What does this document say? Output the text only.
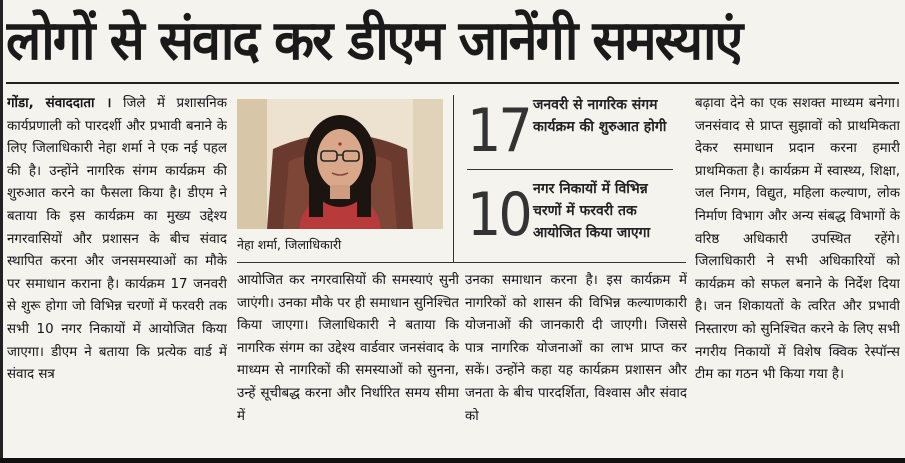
लोगों से संवाद कर डीएम जानेंगी समस्याएं
गोंडा, संवाददाता । जिले में प्रशासनिक कार्यप्रणाली को पारदर्शी और प्रभावी बनाने के लिए जिलाधिकारी नेहा शर्मा ने एक नई पहल की है। उन्होंने नागरिक संगम कार्यक्रम की शुरुआत करने का फैसला किया है। डीएम ने बताया कि इस कार्यक्रम का मुख्य उद्देश्य नगरवासियों और प्रशासन के बीच संवाद स्थापित करना और जनसमस्याओं का मौके पर समाधान कराना है। कार्यक्रम 17 जनवरी से शुरू होगा जो विभिन्न चरणों में फरवरी तक सभी 10 नगर निकायों में आयोजित किया जाएगा। डीएम ने बताया कि प्रत्येक वार्ड में संवाद सत्र
नेहा शर्मा, जिलाधिकारी
17 जनवरी से नागरिक संगम कार्यक्रम की शुरुआत होगी
10 नगर निकायों में विभिन्न चरणों में फरवरी तक आयोजित किया जाएगा
आयोजित कर नगरवासियों की समस्याएं सुनी जाएंगी। उनका मौके पर ही समाधान सुनिश्चित किया जाएगा। जिलाधिकारी ने बताया कि नागरिक संगम का उद्देश्य वार्डवार जनसंवाद के माध्यम से नागरिकों की समस्याओं को सुनना, उन्हें सूचीबद्ध करना और निर्धारित समय सीमा में
उनका समाधान करना है। इस कार्यक्रम में नागरिकों को शासन की विभिन्न कल्याणकारी योजनाओं की जानकारी दी जाएगी। जिससे पात्र नागरिक योजनाओं का लाभ प्राप्त कर सकें। उन्होंने कहा यह कार्यक्रम प्रशासन और जनता के बीच पारदर्शिता, विश्वास और संवाद को
बढ़ावा देने का एक सशक्त माध्यम बनेगा। जनसंवाद से प्राप्त सुझावों को प्राथमिकता देकर समाधान प्रदान करना हमारी प्राथमिकता है। कार्यक्रम में स्वास्थ्य, शिक्षा, जल निगम, विद्युत, महिला कल्याण, लोक निर्माण विभाग और अन्य संबद्ध विभागों के वरिष्ठ अधिकारी उपस्थित रहेंगे। जिलाधिकारी ने सभी अधिकारियों को कार्यक्रम को सफल बनाने के निर्देश दिया है। जन शिकायतों के त्वरित और प्रभावी निस्तारण को सुनिश्चित करने के लिए सभी नगरीय निकायों में विशेष क्विक रेस्पॉन्स टीम का गठन भी किया गया है।
